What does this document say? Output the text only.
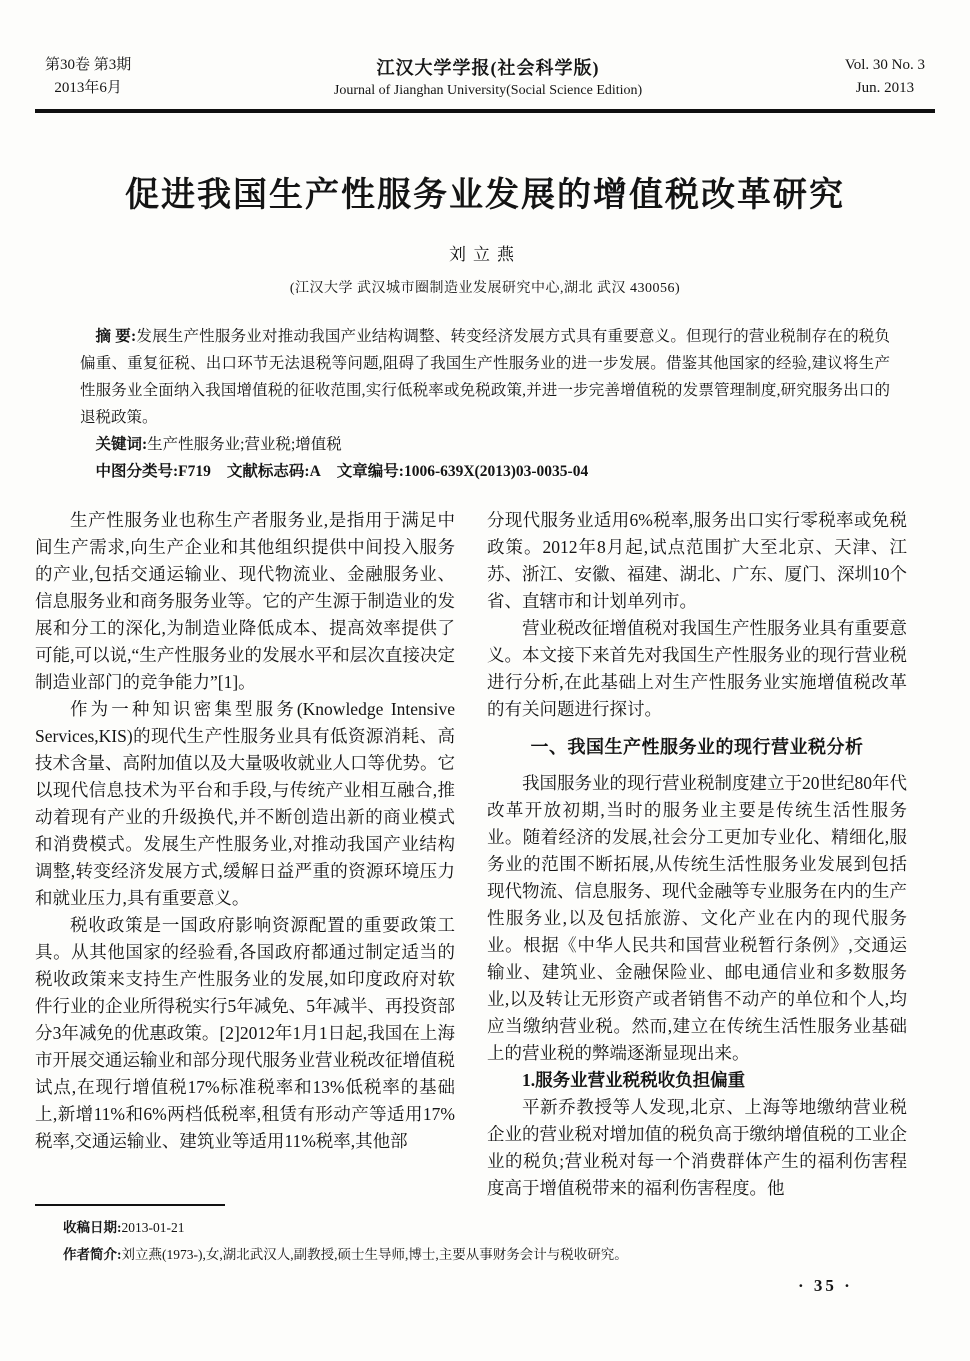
第30卷 第3期
2013年6月
江汉大学学报(社会科学版)
Journal of Jianghan University(Social Science Edition)
Vol. 30 No. 3
Jun. 2013
促进我国生产性服务业发展的增值税改革研究
刘立燕
(江汉大学 武汉城市圈制造业发展研究中心,湖北 武汉 430056)

摘 要:发展生产性服务业对推动我国产业结构调整、转变经济发展方式具有重要意义。但现行的营业税制存在的税负偏重、重复征税、出口环节无法退税等问题,阻碍了我国生产性服务业的进一步发展。借鉴其他国家的经验,建议将生产性服务业全面纳入我国增值税的征收范围,实行低税率或免税政策,并进一步完善增值税的发票管理制度,研究服务出口的退税政策。

关键词:生产性服务业;营业税;增值税

中图分类号:F719 文献标志码:A 文章编号:1006-639X(2013)03-0035-04

生产性服务业也称生产者服务业,是指用于满足中间生产需求,向生产企业和其他组织提供中间投入服务的产业,包括交通运输业、现代物流业、金融服务业、信息服务业和商务服务业等。它的产生源于制造业的发展和分工的深化,为制造业降低成本、提高效率提供了可能,可以说,“生产性服务业的发展水平和层次直接决定制造业部门的竞争能力”[1]。

作为一种知识密集型服务(Knowledge Intensive Services,KIS)的现代生产性服务业具有低资源消耗、高技术含量、高附加值以及大量吸收就业人口等优势。它以现代信息技术为平台和手段,与传统产业相互融合,推动着现有产业的升级换代,并不断创造出新的商业模式和消费模式。发展生产性服务业,对推动我国产业结构调整,转变经济发展方式,缓解日益严重的资源环境压力和就业压力,具有重要意义。

税收政策是一国政府影响资源配置的重要政策工具。从其他国家的经验看,各国政府都通过制定适当的税收政策来支持生产性服务业的发展,如印度政府对软件行业的企业所得税实行5年减免、5年减半、再投资部分3年减免的优惠政策。[2]2012年1月1日起,我国在上海市开展交通运输业和部分现代服务业营业税改征增值税试点,在现行增值税17%标准税率和13%低税率的基础上,新增11%和6%两档低税率,租赁有形动产等适用17%税率,交通运输业、建筑业等适用11%税率,其他部

分现代服务业适用6%税率,服务出口实行零税率或免税政策。2012年8月起,试点范围扩大至北京、天津、江苏、浙江、安徽、福建、湖北、广东、厦门、深圳10个省、直辖市和计划单列市。

营业税改征增值税对我国生产性服务业具有重要意义。本文接下来首先对我国生产性服务业的现行营业税进行分析,在此基础上对生产性服务业实施增值税改革的有关问题进行探讨。

一、我国生产性服务业的现行营业税分析

我国服务业的现行营业税制度建立于20世纪80年代改革开放初期,当时的服务业主要是传统生活性服务业。随着经济的发展,社会分工更加专业化、精细化,服务业的范围不断拓展,从传统生活性服务业发展到包括现代物流、信息服务、现代金融等专业服务在内的生产性服务业,以及包括旅游、文化产业在内的现代服务业。根据《中华人民共和国营业税暂行条例》,交通运输业、建筑业、金融保险业、邮电通信业和多数服务业,以及转让无形资产或者销售不动产的单位和个人,均应当缴纳营业税。然而,建立在传统生活性服务业基础上的营业税的弊端逐渐显现出来。

1.服务业营业税税收负担偏重

平新乔教授等人发现,北京、上海等地缴纳营业税企业的营业税对增加值的税负高于缴纳增值税的工业企业的税负;营业税对每一个消费群体产生的福利伤害程度高于增值税带来的福利伤害程度。他

收稿日期:2013-01-21

作者简介:刘立燕(1973-),女,湖北武汉人,副教授,硕士生导师,博士,主要从事财务会计与税收研究。

· 35 ·
